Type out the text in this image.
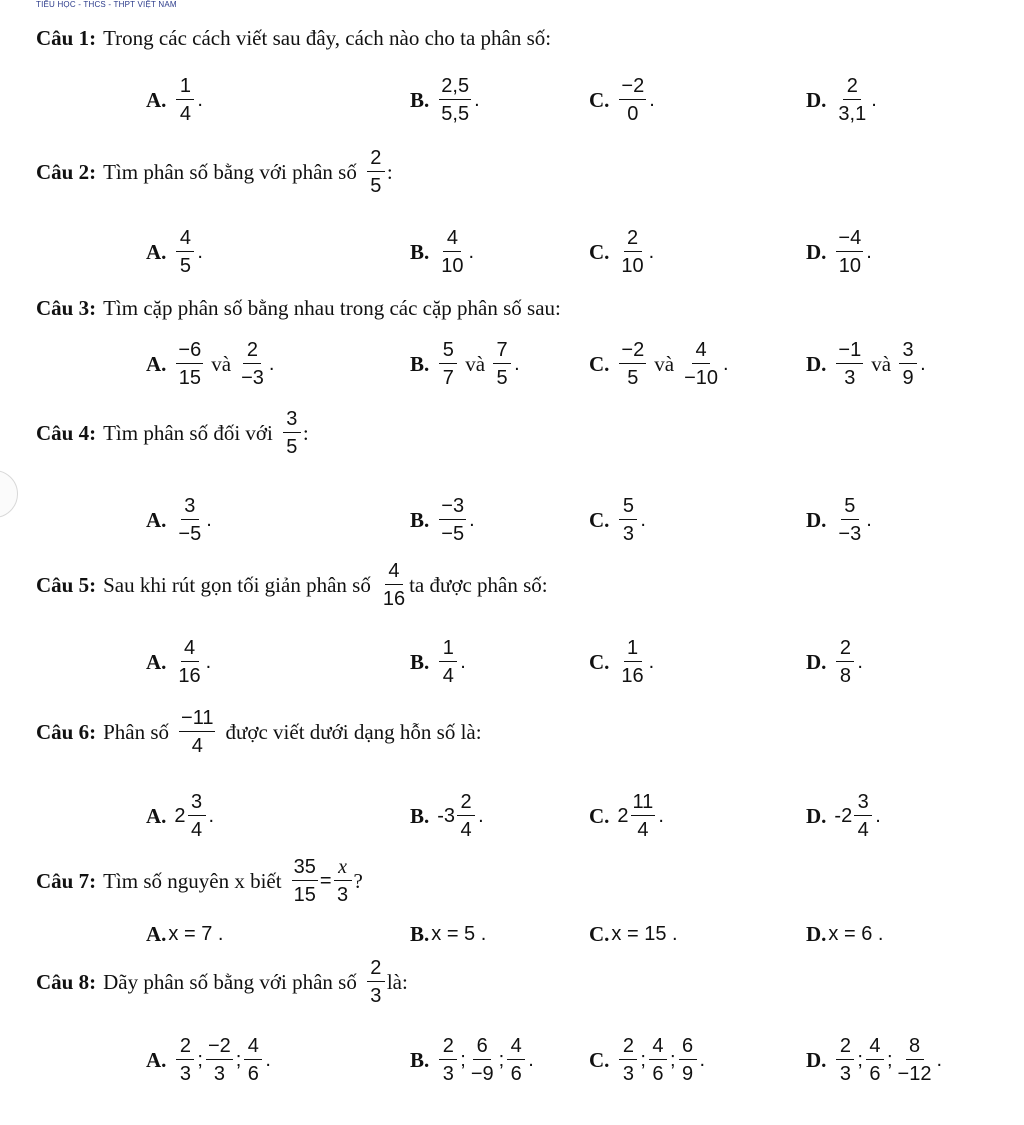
TIỂU HỌC - THCS - THPT VIỆT NAM
Câu 1: Trong các cách viết sau đây, cách nào cho ta phân số:
A. $\frac{1}{4}$ .	B. $\frac{2,5}{5,5}$ .	C. $\frac{-2}{0}$ .	D. $\frac{2}{3,1}$ .
Câu 2: Tìm phân số bằng với phân số $\frac{2}{5}$ :
A. $\frac{4}{5}$ .	B. $\frac{4}{10}$ .	C. $\frac{2}{10}$ .	D. $\frac{-4}{10}$ .
Câu 3: Tìm cặp phân số bằng nhau trong các cặp phân số sau:
A. $\frac{-6}{15}$ và $\frac{2}{-3}$ .	B. $\frac{5}{7}$ và $\frac{7}{5}$ .	C. $\frac{-2}{5}$ và $\frac{4}{-10}$ .	D. $\frac{-1}{3}$ và $\frac{3}{9}$ .
Câu 4: Tìm phân số đối với $\frac{3}{5}$ :
A. $\frac{3}{-5}$ .	B. $\frac{-3}{-5}$ .	C. $\frac{5}{3}$ .	D. $\frac{5}{-3}$ .
Câu 5: Sau khi rút gọn tối giản phân số $\frac{4}{16}$ ta được phân số:
A. $\frac{4}{16}$ .	B. $\frac{1}{4}$ .	C. $\frac{1}{16}$ .	D. $\frac{2}{8}$ .
Câu 6: Phân số $\frac{-11}{4}$ được viết dưới dạng hỗn số là:
A. $2 \frac{3}{4}$ .	B. $-3 \frac{2}{4}$ .	C. $2 \frac{11}{4}$ .	D. $-2 \frac{3}{4}$ .
Câu 7: Tìm số nguyên x biết $\frac{35}{15} = \frac{x}{3}$ ?
A. x = 7 .	B. x = 5 .	C. x = 15 .	D. x = 6 .
Câu 8: Dãy phân số bằng với phân số $\frac{2}{3}$ là:
A. $\frac{2}{3}$ ; $\frac{-2}{3}$ ; $\frac{4}{6}$ .	B. $\frac{2}{3}$ ; $\frac{6}{-9}$ ; $\frac{4}{6}$ .	C. $\frac{2}{3}$ ; $\frac{4}{6}$ ; $\frac{6}{9}$ .	D. $\frac{2}{3}$ ; $\frac{4}{6}$ ; $\frac{8}{-12}$ .
